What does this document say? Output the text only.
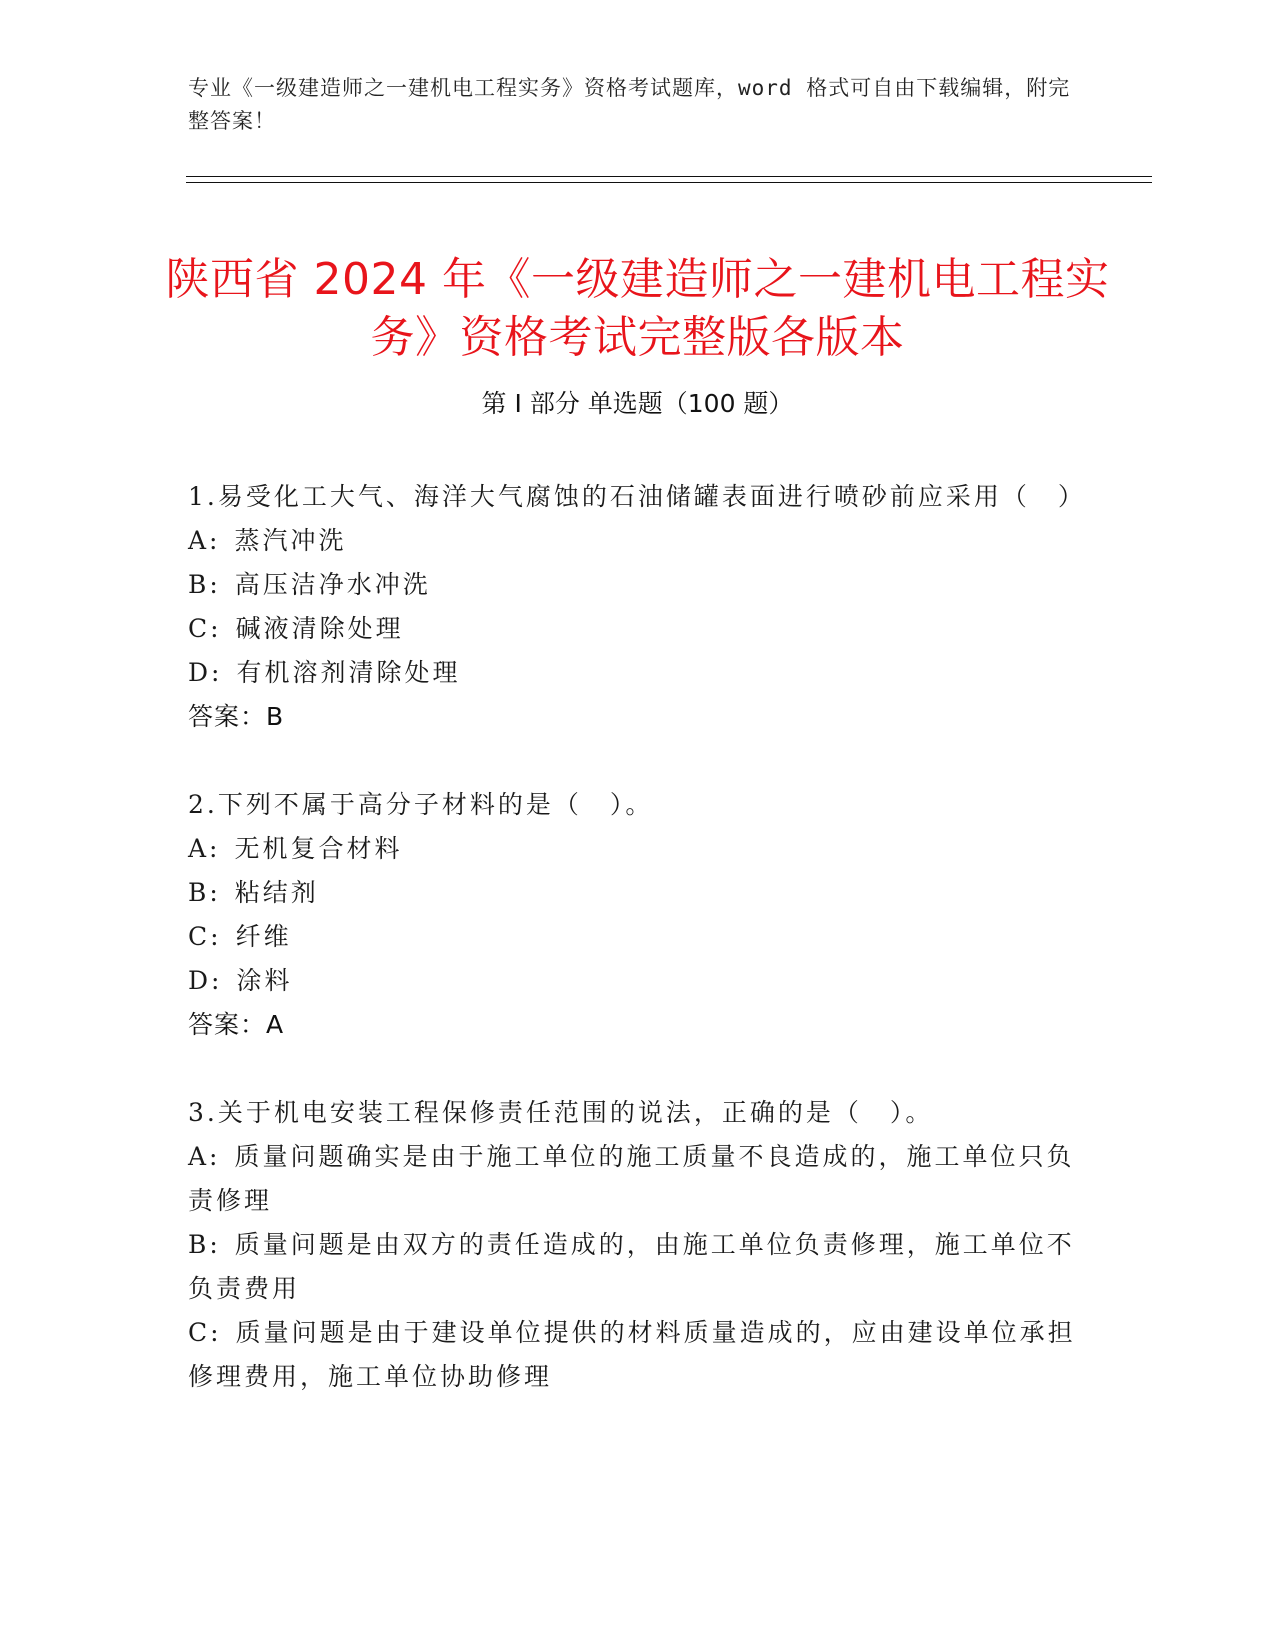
专业《一级建造师之一建机电工程实务》资格考试题库，word 格式可自由下载编辑，附完整答案！
陕西省 2024 年《一级建造师之一建机电工程实务》资格考试完整版各版本
第 I 部分 单选题（100 题）

1.易受化工大气、海洋大气腐蚀的石油储罐表面进行喷砂前应采用（　）

A: 蒸汽冲洗

B: 高压洁净水冲洗

C: 碱液清除处理

D: 有机溶剂清除处理

答案：B

2.下列不属于高分子材料的是（　）。

A: 无机复合材料

B: 粘结剂

C: 纤维

D: 涂料

答案：A

3.关于机电安装工程保修责任范围的说法，正确的是（　）。

A: 质量问题确实是由于施工单位的施工质量不良造成的，施工单位只负责修理

B: 质量问题是由双方的责任造成的，由施工单位负责修理，施工单位不负责费用

C: 质量问题是由于建设单位提供的材料质量造成的，应由建设单位承担修理费用，施工单位协助修理
